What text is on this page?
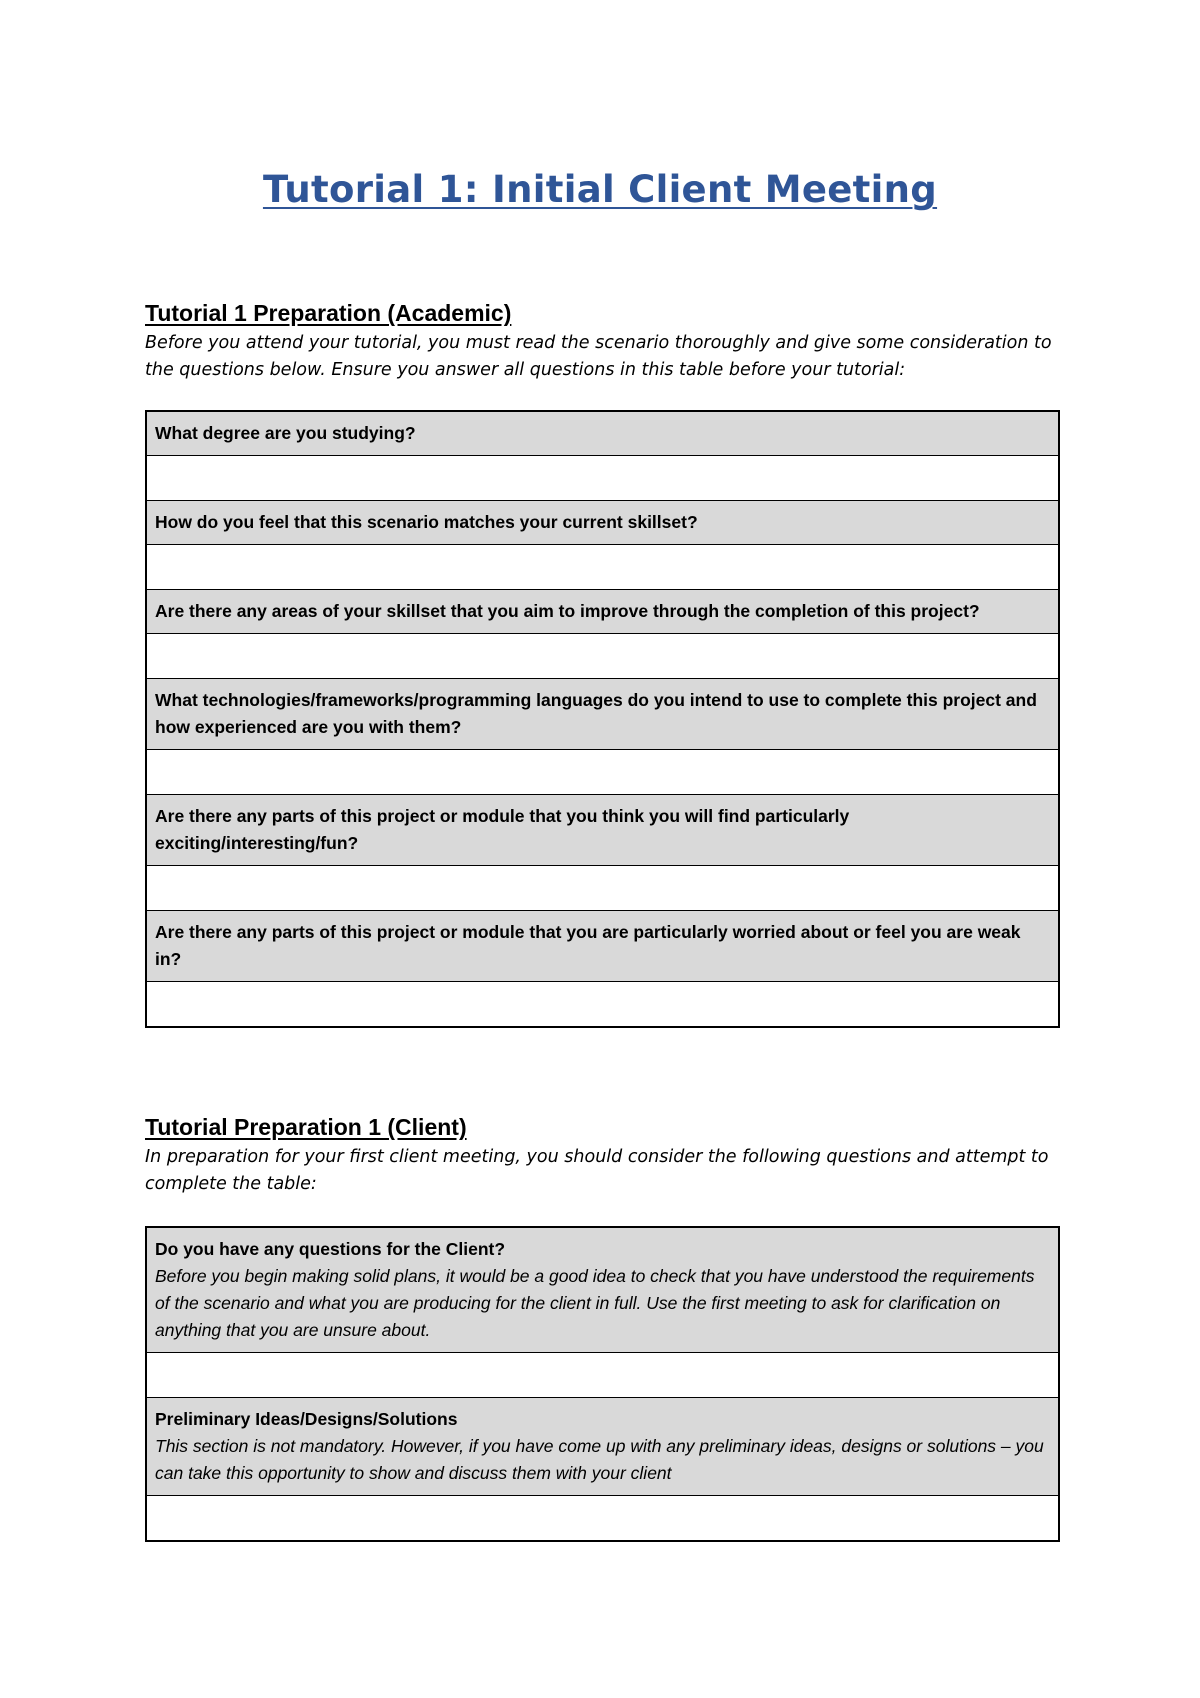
Tutorial 1: Initial Client Meeting

Tutorial 1 Preparation (Academic)

Before you attend your tutorial, you must read the scenario thoroughly and give some consideration to the questions below. Ensure you answer all questions in this table before your tutorial:

What degree are you studying?

How do you feel that this scenario matches your current skillset?

Are there any areas of your skillset that you aim to improve through the completion of this project?

What technologies/frameworks/programming languages do you intend to use to complete this project and how experienced are you with them?

Are there any parts of this project or module that you think you will find particularly exciting/interesting/fun?

Are there any parts of this project or module that you are particularly worried about or feel you are weak in?

Tutorial Preparation 1 (Client)

In preparation for your first client meeting, you should consider the following questions and attempt to complete the table:

Do you have any questions for the Client?
Before you begin making solid plans, it would be a good idea to check that you have understood the requirements of the scenario and what you are producing for the client in full. Use the first meeting to ask for clarification on anything that you are unsure about.

Preliminary Ideas/Designs/Solutions
This section is not mandatory. However, if you have come up with any preliminary ideas, designs or solutions – you can take this opportunity to show and discuss them with your client
